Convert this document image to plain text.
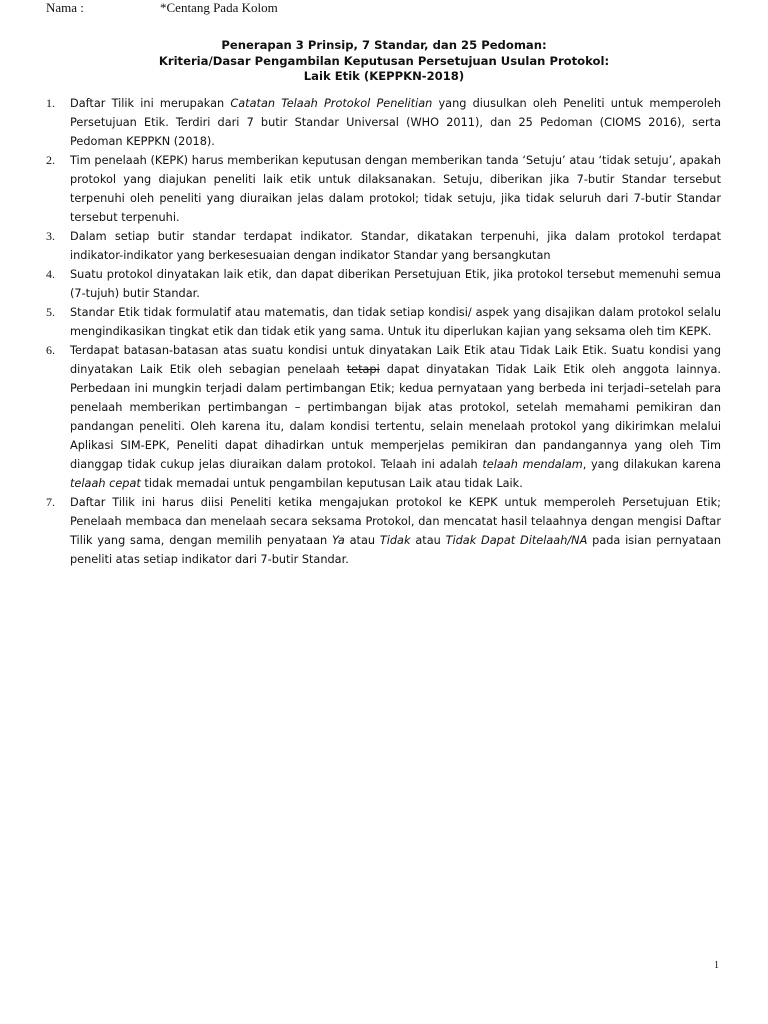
Nama :	*Centang Pada Kolom
Penerapan 3 Prinsip, 7 Standar, dan 25 Pedoman:
Kriteria/Dasar Pengambilan Keputusan Persetujuan Usulan Protokol:
Laik Etik (KEPPKN-2018)
1. Daftar Tilik ini merupakan Catatan Telaah Protokol Penelitian yang diusulkan oleh Peneliti untuk memperoleh Persetujuan Etik. Terdiri dari 7 butir Standar Universal (WHO 2011), dan 25 Pedoman (CIOMS 2016), serta Pedoman KEPPKN (2018).
2. Tim penelaah (KEPK) harus memberikan keputusan dengan memberikan tanda ‘Setuju’ atau ‘tidak setuju’, apakah protokol yang diajukan peneliti laik etik untuk dilaksanakan. Setuju, diberikan jika 7-butir Standar tersebut terpenuhi oleh peneliti yang diuraikan jelas dalam protokol; tidak setuju, jika tidak seluruh dari 7-butir Standar tersebut terpenuhi.
3. Dalam setiap butir standar terdapat indikator. Standar, dikatakan terpenuhi, jika dalam protokol terdapat indikator-indikator yang berkesesuaian dengan indikator Standar yang bersangkutan
4. Suatu protokol dinyatakan laik etik, dan dapat diberikan Persetujuan Etik, jika protokol tersebut memenuhi semua (7-tujuh) butir Standar.
5. Standar Etik tidak formulatif atau matematis, dan tidak setiap kondisi/ aspek yang disajikan dalam protokol selalu mengindikasikan tingkat etik dan tidak etik yang sama. Untuk itu diperlukan kajian yang seksama oleh tim KEPK.
6. Terdapat batasan-batasan atas suatu kondisi untuk dinyatakan Laik Etik atau Tidak Laik Etik. Suatu kondisi yang dinyatakan Laik Etik oleh sebagian penelaah tetapi dapat dinyatakan Tidak Laik Etik oleh anggota lainnya. Perbedaan ini mungkin terjadi dalam pertimbangan Etik; kedua pernyataan yang berbeda ini terjadi–setelah para penelaah memberikan pertimbangan – pertimbangan bijak atas protokol, setelah memahami pemikiran dan pandangan peneliti. Oleh karena itu, dalam kondisi tertentu, selain menelaah protokol yang dikirimkan melalui Aplikasi SIM-EPK, Peneliti dapat dihadirkan untuk memperjelas pemikiran dan pandangannya yang oleh Tim dianggap tidak cukup jelas diuraikan dalam protokol. Telaah ini adalah telaah mendalam, yang dilakukan karena telaah cepat tidak memadai untuk pengambilan keputusan Laik atau tidak Laik.
7. Daftar Tilik ini harus diisi Peneliti ketika mengajukan protokol ke KEPK untuk memperoleh Persetujuan Etik; Penelaah membaca dan menelaah secara seksama Protokol, dan mencatat hasil telaahnya dengan mengisi Daftar Tilik yang sama, dengan memilih penyataan Ya atau Tidak atau Tidak Dapat Ditelaah/NA pada isian pernyataan peneliti atas setiap indikator dari 7-butir Standar.
1
